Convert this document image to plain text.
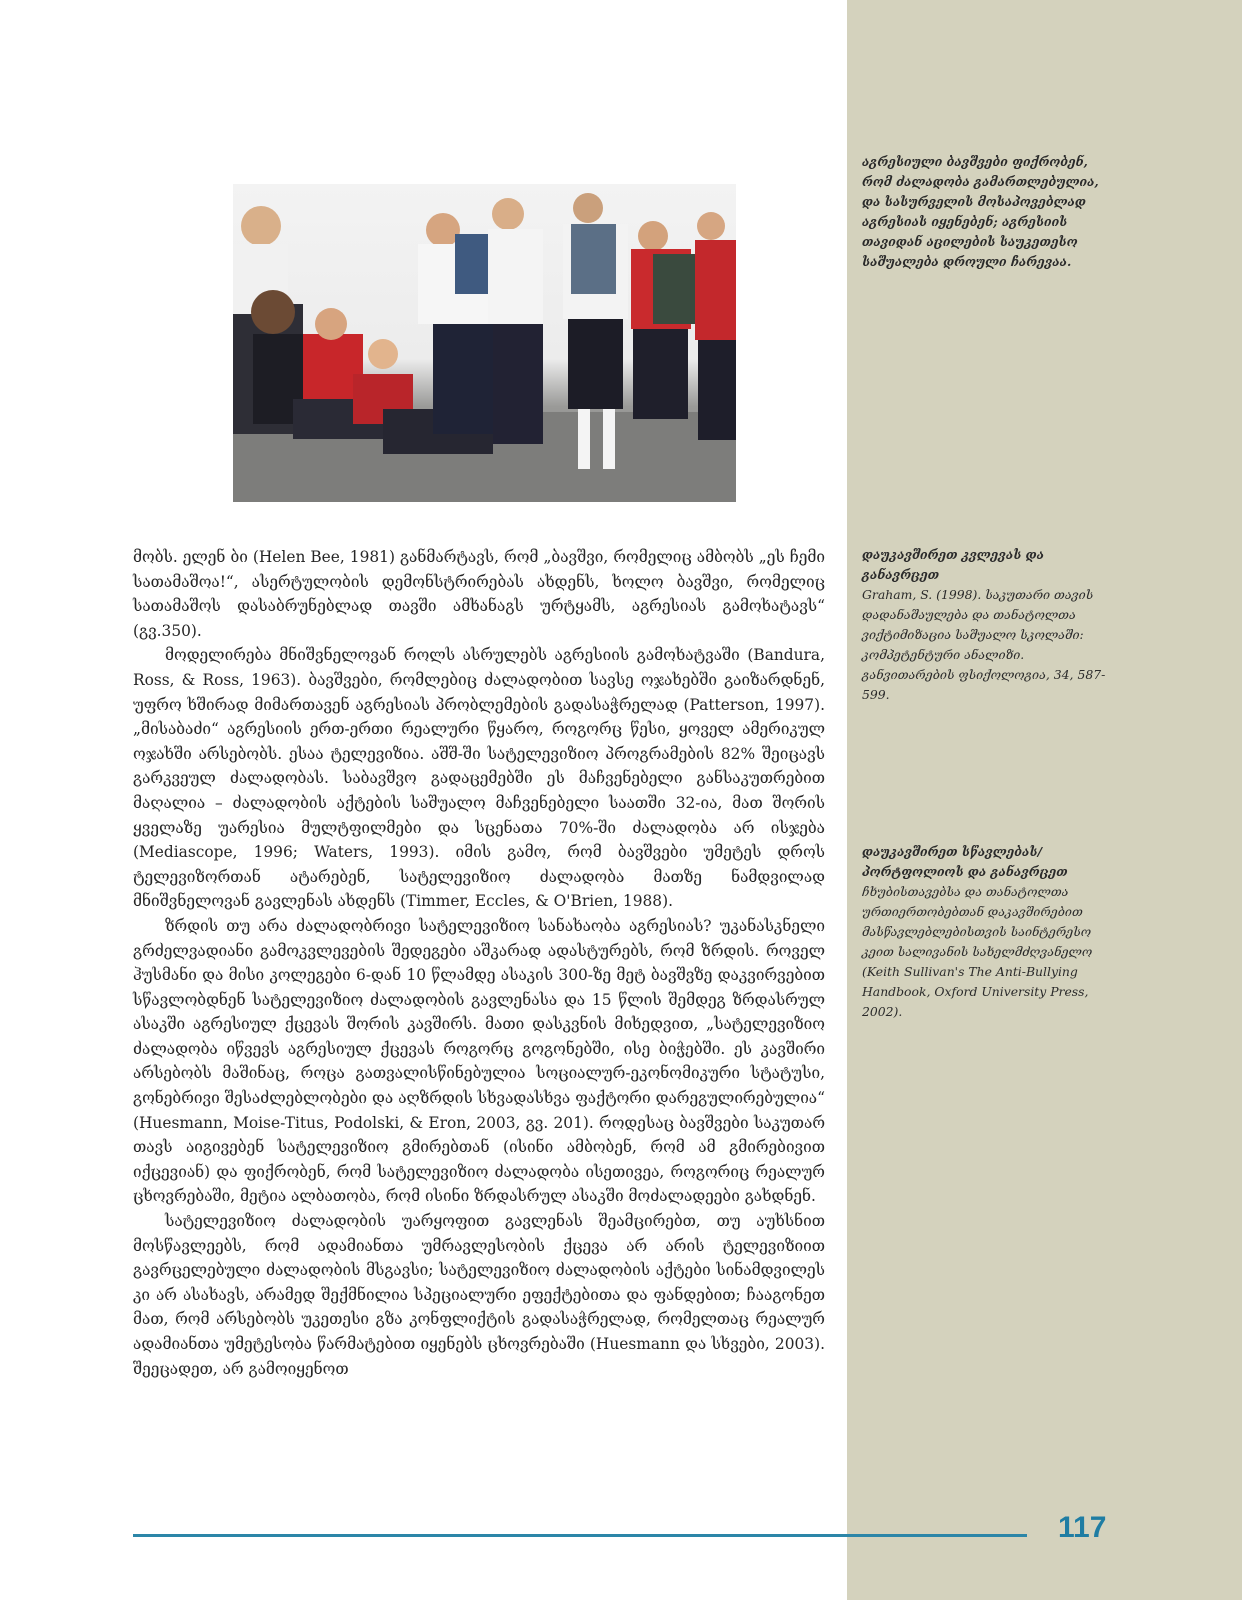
მობს. ელენ ბი (Helen Bee, 1981) განმარტავს, რომ „ბავშვი, რომელიც ამბობს „ეს ჩემი სათამაშოა!“, ასერტულობის დემონსტრირებას ახდენს, ხოლო ბავშვი, რომელიც სათამაშოს დასაბრუნებლად თავში ამხანაგს ურტყამს, აგრესიას გამოხატავს“ (გვ.350).

მოდელირება მნიშვნელოვან როლს ასრულებს აგრესიის გამოხატვაში (Bandura, Ross, & Ross, 1963). ბავშვები, რომლებიც ძალადობით სავსე ოჯახებში გაიზარდნენ, უფრო ხშირად მიმართავენ აგრესიას პრობლემების გადასაჭრელად (Patterson, 1997). „მისაბაძი“ აგრესიის ერთ-ერთი რეალური წყარო, როგორც წესი, ყოველ ამერიკულ ოჯახში არსებობს. ესაა ტელევიზია. აშშ-ში სატელევიზიო პროგრამების 82% შეიცავს გარკვეულ ძალადობას. საბავშვო გადაცემებში ეს მაჩვენებელი განსაკუთრებით მაღალია – ძალადობის აქტების საშუალო მაჩვენებელი საათში 32-ია, მათ შორის ყველაზე უარესია მულტფილმები და სცენათა 70%-ში ძალადობა არ ისჯება (Mediascope, 1996; Waters, 1993). იმის გამო, რომ ბავშვები უმეტეს დროს ტელევიზორთან ატარებენ, სატელევიზიო ძალადობა მათზე ნამდვილად მნიშვნელოვან გავლენას ახდენს (Timmer, Eccles, & O'Brien, 1988).

ზრდის თუ არა ძალადობრივი სატელევიზიო სანახაობა აგრესიას? უკანასკნელი გრძელვადიანი გამოკვლევების შედეგები აშკარად ადასტურებს, რომ ზრდის. როველ ჰუსმანი და მისი კოლეგები 6-დან 10 წლამდე ასაკის 300-ზე მეტ ბავშვზე დაკვირვებით სწავლობდნენ სატელევიზიო ძალადობის გავლენასა და 15 წლის შემდეგ ზრდასრულ ასაკში აგრესიულ ქცევას შორის კავშირს. მათი დასკვნის მიხედვით, „სატელევიზიო ძალადობა იწვევს აგრესიულ ქცევას როგორც გოგონებში, ისე ბიჭებში. ეს კავშირი არსებობს მაშინაც, როცა გათვალისწინებულია სოციალურ-ეკონომიკური სტატუსი, გონებრივი შესაძლებლობები და აღზრდის სხვადასხვა ფაქტორი დარეგულირებულია“ (Huesmann, Moise-Titus, Podolski, & Eron, 2003, გვ. 201). როდესაც ბავშვები საკუთარ თავს აიგივებენ სატელევიზიო გმირებთან (ისინი ამბობენ, რომ ამ გმირებივით იქცევიან) და ფიქრობენ, რომ სატელევიზიო ძალადობა ისეთივეა, როგორიც რეალურ ცხოვრებაში, მეტია ალბათობა, რომ ისინი ზრდასრულ ასაკში მოძალადეები გახდნენ.

სატელევიზიო ძალადობის უარყოფით გავლენას შეამცირებთ, თუ აუხსნით მოსწავლეებს, რომ ადამიანთა უმრავლესობის ქცევა არ არის ტელევიზიით გავრცელებული ძალადობის მსგავსი; სატელევიზიო ძალადობის აქტები სინამდვილეს კი არ ასახავს, არამედ შექმნილია სპეციალური ეფექტებითა და ფანდებით; ჩააგონეთ მათ, რომ არსებობს უკეთესი გზა კონფლიქტის გადასაჭრელად, რომელთაც რეალურ ადამიანთა უმეტესობა წარმატებით იყენებს ცხოვრებაში (Huesmann და სხვები, 2003). შეეცადეთ, არ გამოიყენოთ

აგრესიული ბავშვები ფიქრობენ, რომ ძალადობა გამართლებულია, და სასურველის მოსაპოვებლად აგრესიას იყენებენ; აგრესიის თავიდან აცილების საუკეთესო საშუალება დროული ჩარევაა.
დაუკავშირეთ კვლევას და განავრცეთ
Graham, S. (1998). საკუთარი თავის დადანაშაულება და თანატოლთა ვიქტიმიზაცია საშუალო სკოლაში: კომპეტენტური ანალიზი. განვითარების ფსიქოლოგია, 34, 587-599.
დაუკავშირეთ სწავლებას/ პორტფოლიოს და განავრცეთ
ჩხუბისთავებსა და თანატოლთა ურთიერთობებთან დაკავშირებით მასწავლებლებისთვის საინტერესო კეით სალივანის სახელმძღვანელო (Keith Sullivan's The Anti-Bullying Handbook, Oxford University Press, 2002).
117
